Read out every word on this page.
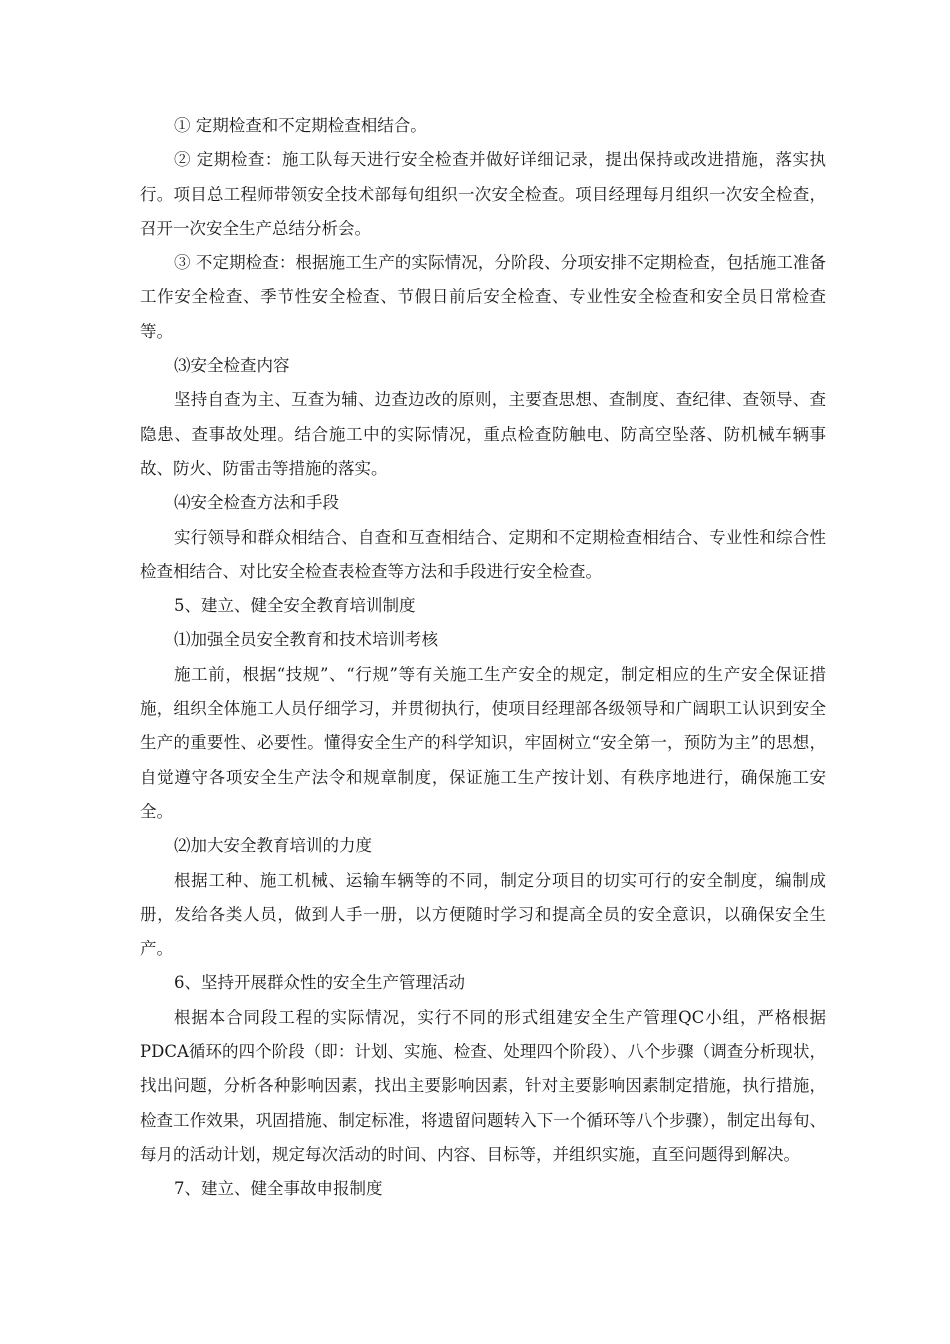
① 定期检查和不定期检查相结合。

② 定期检查：施工队每天进行安全检查并做好详细记录，提出保持或改进措施，落实执行。项目总工程师带领安全技术部每旬组织一次安全检查。项目经理每月组织一次安全检查，召开一次安全生产总结分析会。

③ 不定期检查：根据施工生产的实际情况，分阶段、分项安排不定期检查，包括施工准备工作安全检查、季节性安全检查、节假日前后安全检查、专业性安全检查和安全员日常检查等。

⑶安全检查内容

坚持自查为主、互查为辅、边查边改的原则，主要查思想、查制度、查纪律、查领导、查隐患、查事故处理。结合施工中的实际情况，重点检查防触电、防高空坠落、防机械车辆事故、防火、防雷击等措施的落实。

⑷安全检查方法和手段

实行领导和群众相结合、自查和互查相结合、定期和不定期检查相结合、专业性和综合性检查相结合、对比安全检查表检查等方法和手段进行安全检查。

5、建立、健全安全教育培训制度

⑴加强全员安全教育和技术培训考核

施工前，根据“技规”、“行规”等有关施工生产安全的规定，制定相应的生产安全保证措施，组织全体施工人员仔细学习，并贯彻执行，使项目经理部各级领导和广阔职工认识到安全生产的重要性、必要性。懂得安全生产的科学知识，牢固树立“安全第一，预防为主”的思想，自觉遵守各项安全生产法令和规章制度，保证施工生产按计划、有秩序地进行，确保施工安全。

⑵加大安全教育培训的力度

根据工种、施工机械、运输车辆等的不同，制定分项目的切实可行的安全制度，编制成册，发给各类人员，做到人手一册，以方便随时学习和提高全员的安全意识，以确保安全生产。

6、坚持开展群众性的安全生产管理活动

根据本合同段工程的实际情况，实行不同的形式组建安全生产管理QC小组，严格根据PDCA循环的四个阶段（即：计划、实施、检查、处理四个阶段）、八个步骤（调查分析现状，找出问题，分析各种影响因素，找出主要影响因素，针对主要影响因素制定措施，执行措施，检查工作效果，巩固措施、制定标准，将遗留问题转入下一个循环等八个步骤），制定出每旬、每月的活动计划，规定每次活动的时间、内容、目标等，并组织实施，直至问题得到解决。

7、建立、健全事故申报制度
